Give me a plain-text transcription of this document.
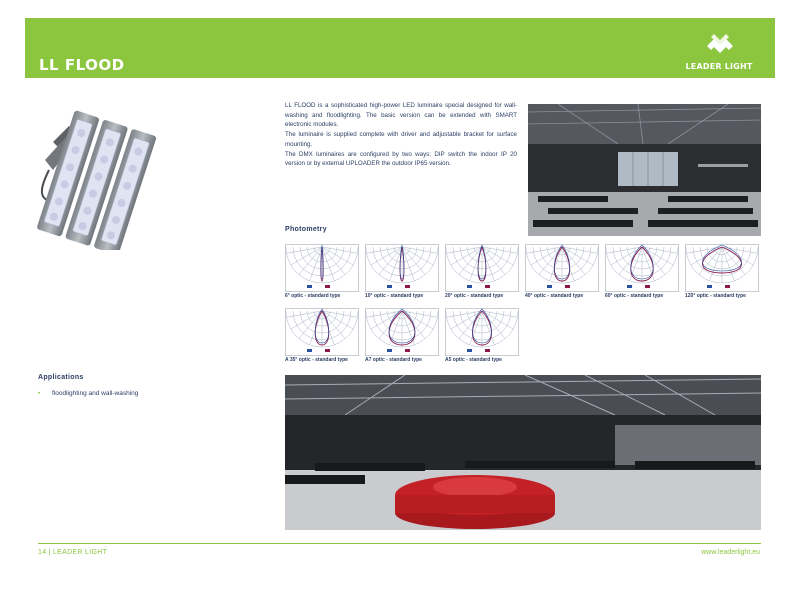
LL FLOOD	LEADER LIGHT

LL FLOOD is a sophisticated high-power LED luminaire special designed for wall-washing and floodlighting. The basic version can be extended with SMART electronic modules.

The luminaire is supplied complete with driver and adjustable bracket for surface mounting.

The DMX luminaires are configured by two ways: DIP switch the indoor IP 20 version or by external UPLOADER the outdoor IP65 version.

Photometry
6° optic - standard type	10° optic - standard type	20° optic - standard type	40° optic - standard type	60° optic - standard type	120° optic - standard type
A 35° optic - standard type	A7 optic - standard type	A5 optic - standard type
Applications
• floodlighting and wall-washing
14 | LEADER LIGHT	www.leaderlight.eu
